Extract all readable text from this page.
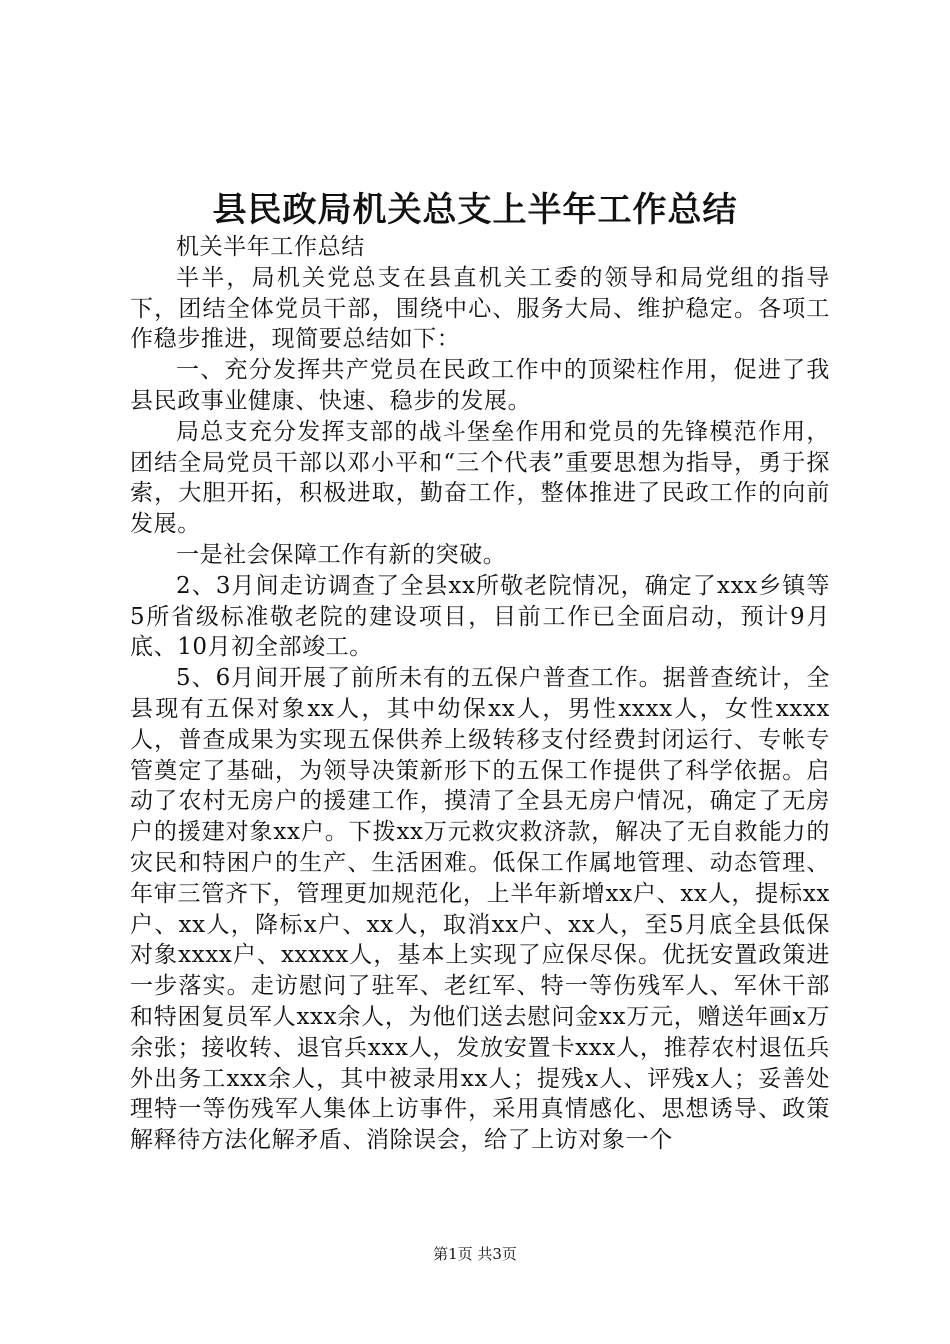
县民政局机关总支上半年工作总结

机关半年工作总结

半半，局机关党总支在县直机关工委的领导和局党组的指导下，团结全体党员干部，围绕中心、服务大局、维护稳定。各项工作稳步推进，现简要总结如下：

一、充分发挥共产党员在民政工作中的顶梁柱作用，促进了我县民政事业健康、快速、稳步的发展。

局总支充分发挥支部的战斗堡垒作用和党员的先锋模范作用，团结全局党员干部以邓小平和“三个代表”重要思想为指导，勇于探索，大胆开拓，积极进取，勤奋工作，整体推进了民政工作的向前发展。

一是社会保障工作有新的突破。

2、3月间走访调查了全县xx所敬老院情况，确定了xxx乡镇等5所省级标准敬老院的建设项目，目前工作已全面启动，预计9月底、10月初全部竣工。

5、6月间开展了前所未有的五保户普查工作。据普查统计，全县现有五保对象xx人，其中幼保xx人，男性xxxx人，女性xxxx人，普查成果为实现五保供养上级转移支付经费封闭运行、专帐专管奠定了基础，为领导决策新形下的五保工作提供了科学依据。启动了农村无房户的援建工作，摸清了全县无房户情况，确定了无房户的援建对象xx户。下拨xx万元救灾救济款，解决了无自救能力的灾民和特困户的生产、生活困难。低保工作属地管理、动态管理、年审三管齐下，管理更加规范化，上半年新增xx户、xx人，提标xx户、xx人，降标x户、xx人，取消xx户、xx人，至5月底全县低保对象xxxx户、xxxxx人，基本上实现了应保尽保。优抚安置政策进一步落实。走访慰问了驻军、老红军、特一等伤残军人、军休干部和特困复员军人xxx余人，为他们送去慰问金xx万元，赠送年画x万余张；接收转、退官兵xxx人，发放安置卡xxx人，推荐农村退伍兵外出务工xxx余人，其中被录用xx人；提残x人、评残x人；妥善处理特一等伤残军人集体上访事件，采用真情感化、思想诱导、政策解释待方法化解矛盾、消除误会，给了上访对象一个

第1页 共3页
